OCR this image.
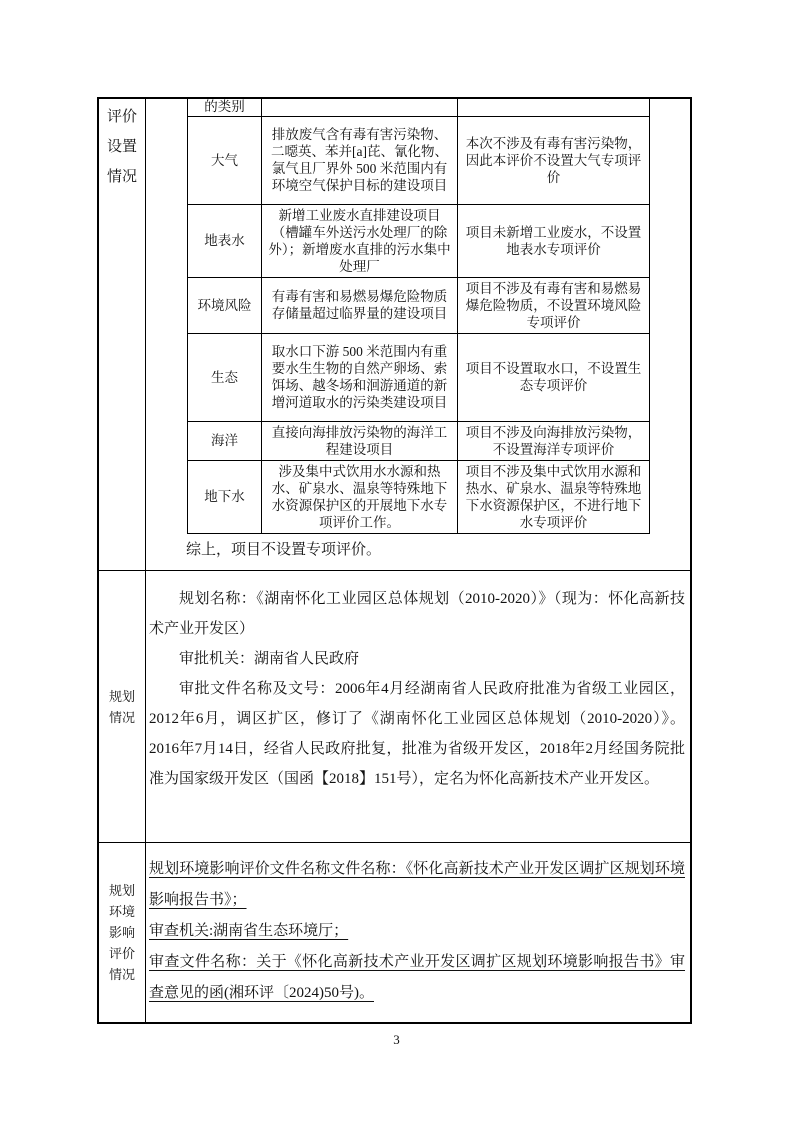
评价
设置
情况
的类别		
大气	排放废气含有毒有害污染物、二噁英、苯并[a]芘、氰化物、氯气且厂界外 500 米范围内有环境空气保护目标的建设项目	本次不涉及有毒有害污染物，因此本评价不设置大气专项评价
地表水	新增工业废水直排建设项目（槽罐车外送污水处理厂的除外）；新增废水直排的污水集中处理厂	项目未新增工业废水，不设置地表水专项评价
环境风险	有毒有害和易燃易爆危险物质存储量超过临界量的建设项目	项目不涉及有毒有害和易燃易爆危险物质，不设置环境风险专项评价
生态	取水口下游 500 米范围内有重要水生生物的自然产卵场、索饵场、越冬场和洄游通道的新增河道取水的污染类建设项目	项目不设置取水口，不设置生态专项评价
海洋	直接向海排放污染物的海洋工程建设项目	项目不涉及向海排放污染物，不设置海洋专项评价
地下水	涉及集中式饮用水水源和热水、矿泉水、温泉等特殊地下水资源保护区的开展地下水专项评价工作。	项目不涉及集中式饮用水源和热水、矿泉水、温泉等特殊地下水资源保护区，不进行地下水专项评价
综上，项目不设置专项评价。
规划
情况

规划名称：《湖南怀化工业园区总体规划（2010-2020）》（现为：怀化高新技术产业开发区）

审批机关：湖南省人民政府

审批文件名称及文号：2006年4月经湖南省人民政府批准为省级工业园区，2012年6月，调区扩区，修订了《湖南怀化工业园区总体规划（2010-2020）》。2016年7月14日，经省人民政府批复，批准为省级开发区，2018年2月经国务院批准为国家级开发区（国函【2018】151号），定名为怀化高新技术产业开发区。

规划
环境
影响
评价
情况

规划环境影响评价文件名称文件名称：《怀化高新技术产业开发区调扩区规划环境影响报告书》；

审查机关:湖南省生态环境厅；

审查文件名称：关于《怀化高新技术产业开发区调扩区规划环境影响报告书》审查意见的函(湘环评〔2024)50号)。

3
